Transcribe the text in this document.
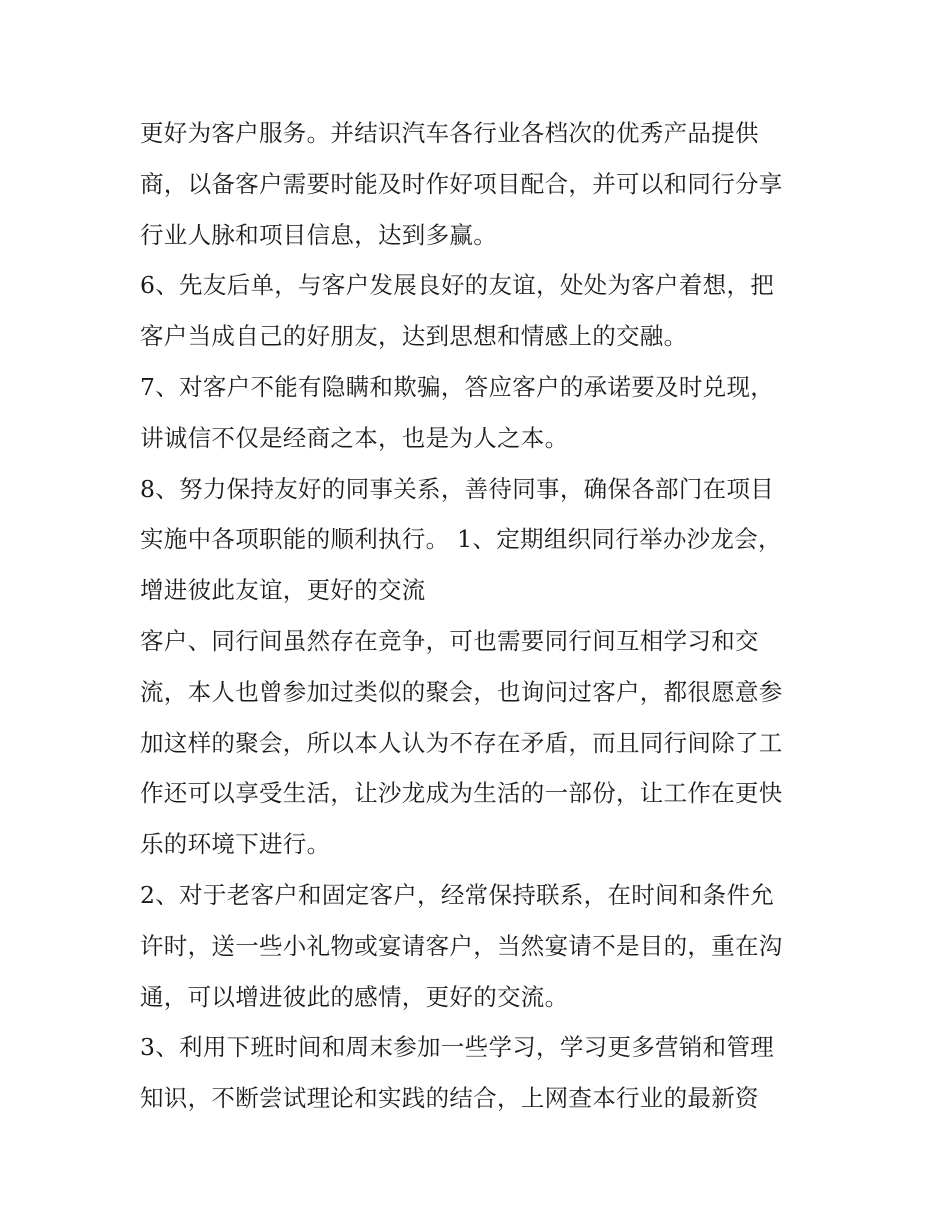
更好为客户服务。并结识汽车各行业各档次的优秀产品提供
商，以备客户需要时能及时作好项目配合，并可以和同行分享
行业人脉和项目信息，达到多赢。
6、先友后单，与客户发展良好的友谊，处处为客户着想，把
客户当成自己的好朋友，达到思想和情感上的交融。
7、对客户不能有隐瞒和欺骗，答应客户的承诺要及时兑现，
讲诚信不仅是经商之本，也是为人之本。
8、努力保持友好的同事关系，善待同事，确保各部门在项目
实施中各项职能的顺利执行。 1、定期组织同行举办沙龙会，
增进彼此友谊，更好的交流
客户、同行间虽然存在竞争，可也需要同行间互相学习和交
流，本人也曾参加过类似的聚会，也询问过客户，都很愿意参
加这样的聚会，所以本人认为不存在矛盾，而且同行间除了工
作还可以享受生活，让沙龙成为生活的一部份，让工作在更快
乐的环境下进行。
2、对于老客户和固定客户，经常保持联系，在时间和条件允
许时，送一些小礼物或宴请客户，当然宴请不是目的，重在沟
通，可以增进彼此的感情，更好的交流。
3、利用下班时间和周末参加一些学习，学习更多营销和管理
知识，不断尝试理论和实践的结合，上网查本行业的最新资
